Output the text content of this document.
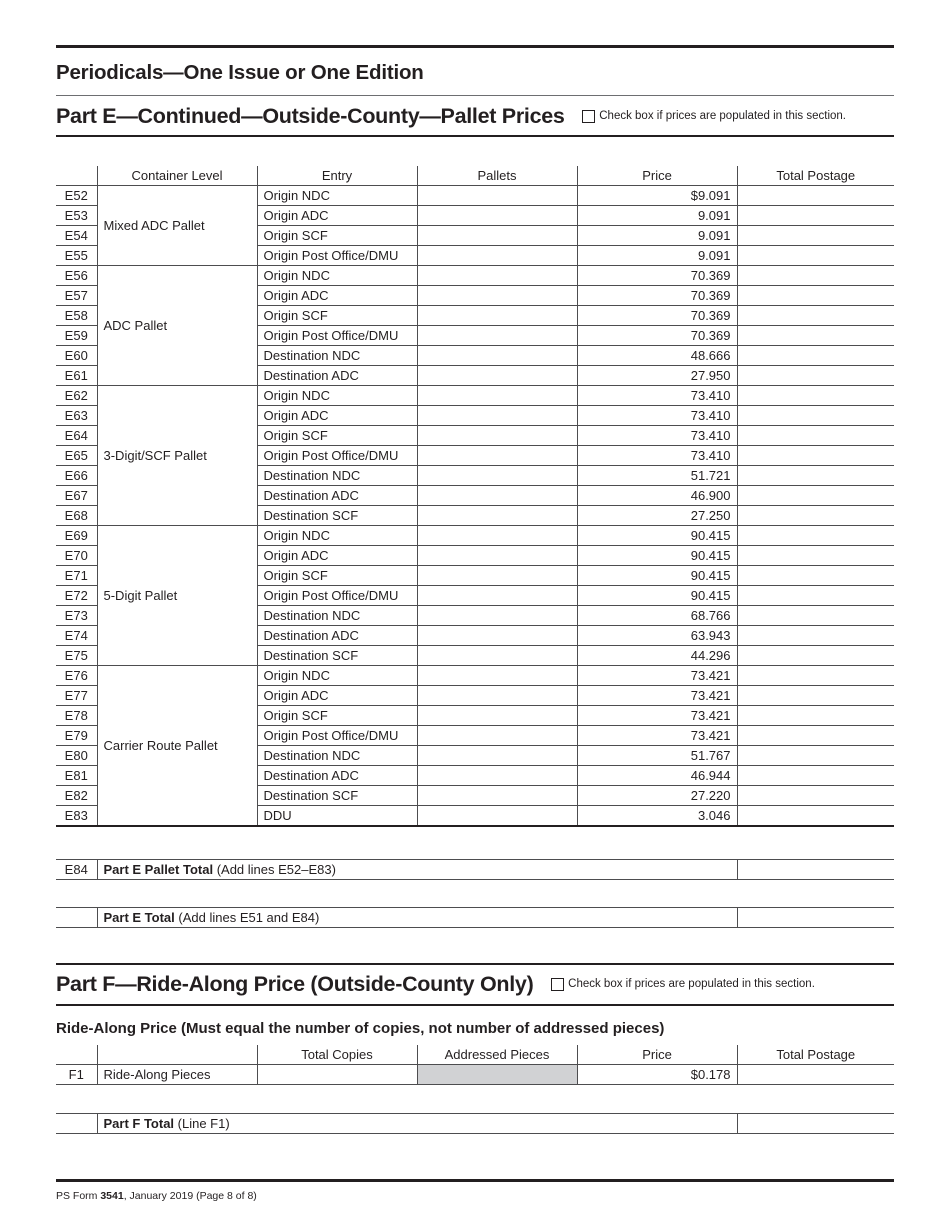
Periodicals—One Issue or One Edition
Part E—Continued—Outside-County—Pallet Prices	Check box if prices are populated in this section.
	Container Level	Entry	Pallets	Price	Total Postage
E52	Mixed ADC Pallet	Origin NDC		$9.091	
E53		Origin ADC		9.091	
E54		Origin SCF		9.091	
E55		Origin Post Office/DMU		9.091	
E56	ADC Pallet	Origin NDC		70.369	
E57		Origin ADC		70.369	
E58		Origin SCF		70.369	
E59		Origin Post Office/DMU		70.369	
E60		Destination NDC		48.666	
E61		Destination ADC		27.950	
E62	3-Digit/SCF Pallet	Origin NDC		73.410	
E63		Origin ADC		73.410	
E64		Origin SCF		73.410	
E65		Origin Post Office/DMU		73.410	
E66		Destination NDC		51.721	
E67		Destination ADC		46.900	
E68		Destination SCF		27.250	
E69	5-Digit Pallet	Origin NDC		90.415	
E70		Origin ADC		90.415	
E71		Origin SCF		90.415	
E72		Origin Post Office/DMU		90.415	
E73		Destination NDC		68.766	
E74		Destination ADC		63.943	
E75		Destination SCF		44.296	
E76	Carrier Route Pallet	Origin NDC		73.421	
E77		Origin ADC		73.421	
E78		Origin SCF		73.421	
E79		Origin Post Office/DMU		73.421	
E80		Destination NDC		51.767	
E81		Destination ADC		46.944	
E82		Destination SCF		27.220	
E83		DDU		3.046	
E84	Part E Pallet Total (Add lines E52–E83)	
	Part E Total (Add lines E51 and E84)	
Part F—Ride-Along Price (Outside-County Only)	Check box if prices are populated in this section.
Ride-Along Price (Must equal the number of copies, not number of addressed pieces)
		Total Copies	Addressed Pieces	Price	Total Postage
F1	Ride-Along Pieces			$0.178	
	Part F Total (Line F1)	
PS Form 3541, January 2019 (Page 8 of 8)
